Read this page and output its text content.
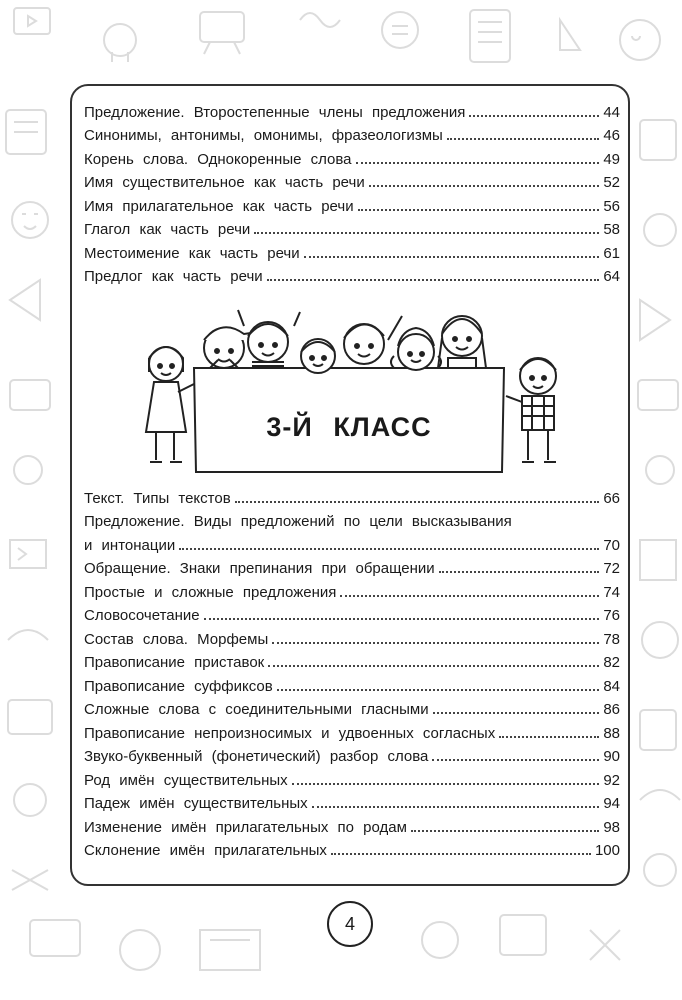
Предложение. Второстепенные члены предложения	44
Синонимы, антонимы, омонимы, фразеологизмы	46
Корень слова. Однокоренные слова	49
Имя существительное как часть речи	52
Имя прилагательное как часть речи	56
Глагол как часть речи	58
Местоимение как часть речи	61
Предлог как часть речи	64
3-Й КЛАСС
Текст. Типы текстов	66
Предложение. Виды предложений по цели высказывания
и интонации	70
Обращение. Знаки препинания при обращении	72
Простые и сложные предложения	74
Словосочетание	76
Состав слова. Морфемы	78
Правописание приставок	82
Правописание суффиксов	84
Сложные слова с соединительными гласными	86
Правописание непроизносимых и удвоенных согласных	88
Звуко-буквенный (фонетический) разбор слова	90
Род имён существительных	92
Падеж имён существительных	94
Изменение имён прилагательных по родам	98
Склонение имён прилагательных	100
4
